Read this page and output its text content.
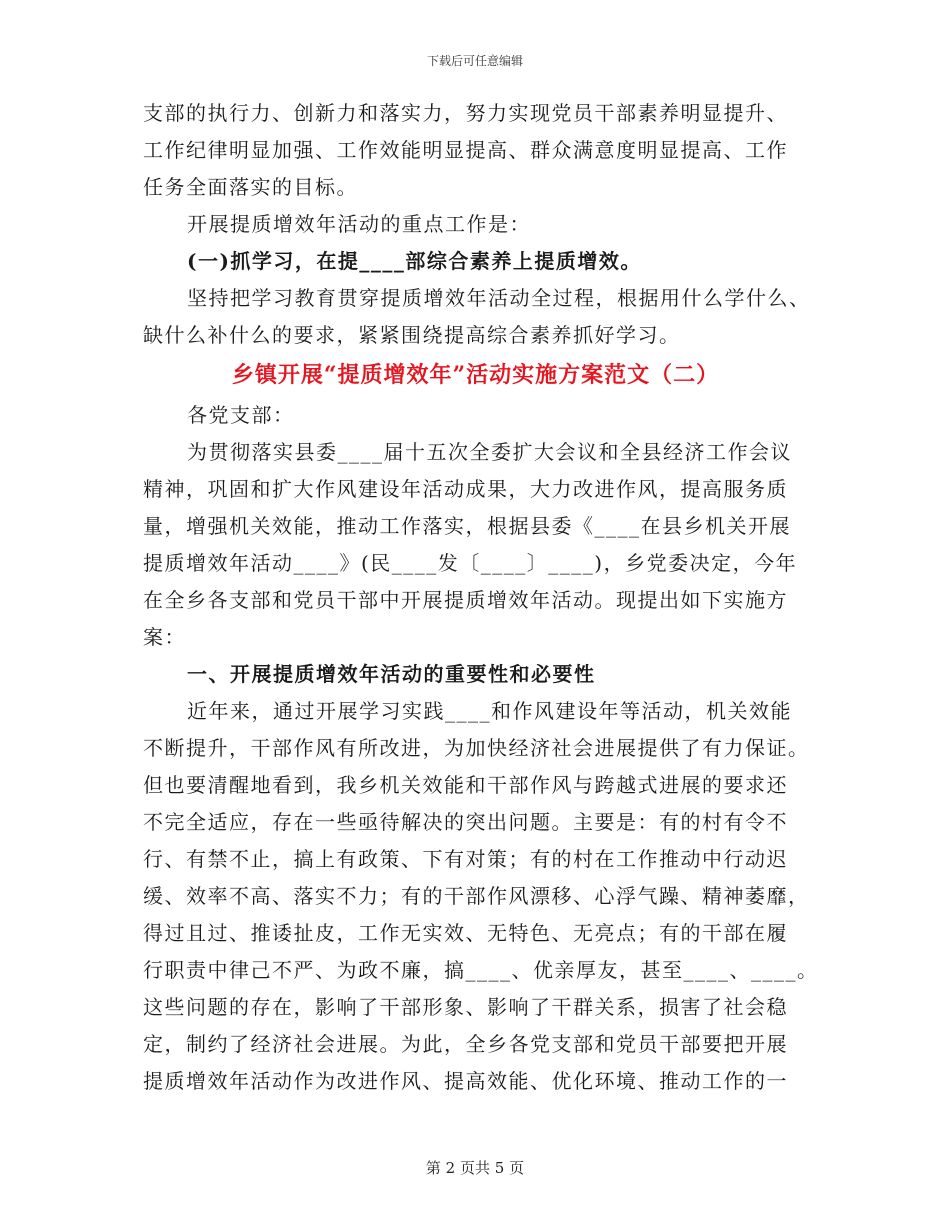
下载后可任意编辑
支部的执行力、创新力和落实力，努力实现党员干部素养明显提升、
工作纪律明显加强、工作效能明显提高、群众满意度明显提高、工作
任务全面落实的目标。
开展提质增效年活动的重点工作是：
(一)抓学习，在提____部综合素养上提质增效。
坚持把学习教育贯穿提质增效年活动全过程，根据用什么学什么、
缺什么补什么的要求，紧紧围绕提高综合素养抓好学习。
乡镇开展“提质增效年”活动实施方案范文（二）
各党支部：
为贯彻落实县委____届十五次全委扩大会议和全县经济工作会议
精神，巩固和扩大作风建设年活动成果，大力改进作风，提高服务质
量，增强机关效能，推动工作落实，根据县委《____在县乡机关开展
提质增效年活动____》(民____发〔____〕____)，乡党委决定，今年
在全乡各支部和党员干部中开展提质增效年活动。现提出如下实施方
案：
一、开展提质增效年活动的重要性和必要性
近年来，通过开展学习实践____和作风建设年等活动，机关效能
不断提升，干部作风有所改进，为加快经济社会进展提供了有力保证。
但也要清醒地看到，我乡机关效能和干部作风与跨越式进展的要求还
不完全适应，存在一些亟待解决的突出问题。主要是：有的村有令不
行、有禁不止，搞上有政策、下有对策；有的村在工作推动中行动迟
缓、效率不高、落实不力；有的干部作风漂移、心浮气躁、精神萎靡，
得过且过、推诿扯皮，工作无实效、无特色、无亮点；有的干部在履
行职责中律己不严、为政不廉，搞____、优亲厚友，甚至____、____。
这些问题的存在，影响了干部形象、影响了干群关系，损害了社会稳
定，制约了经济社会进展。为此，全乡各党支部和党员干部要把开展
提质增效年活动作为改进作风、提高效能、优化环境、推动工作的一
第 2 页共 5 页
